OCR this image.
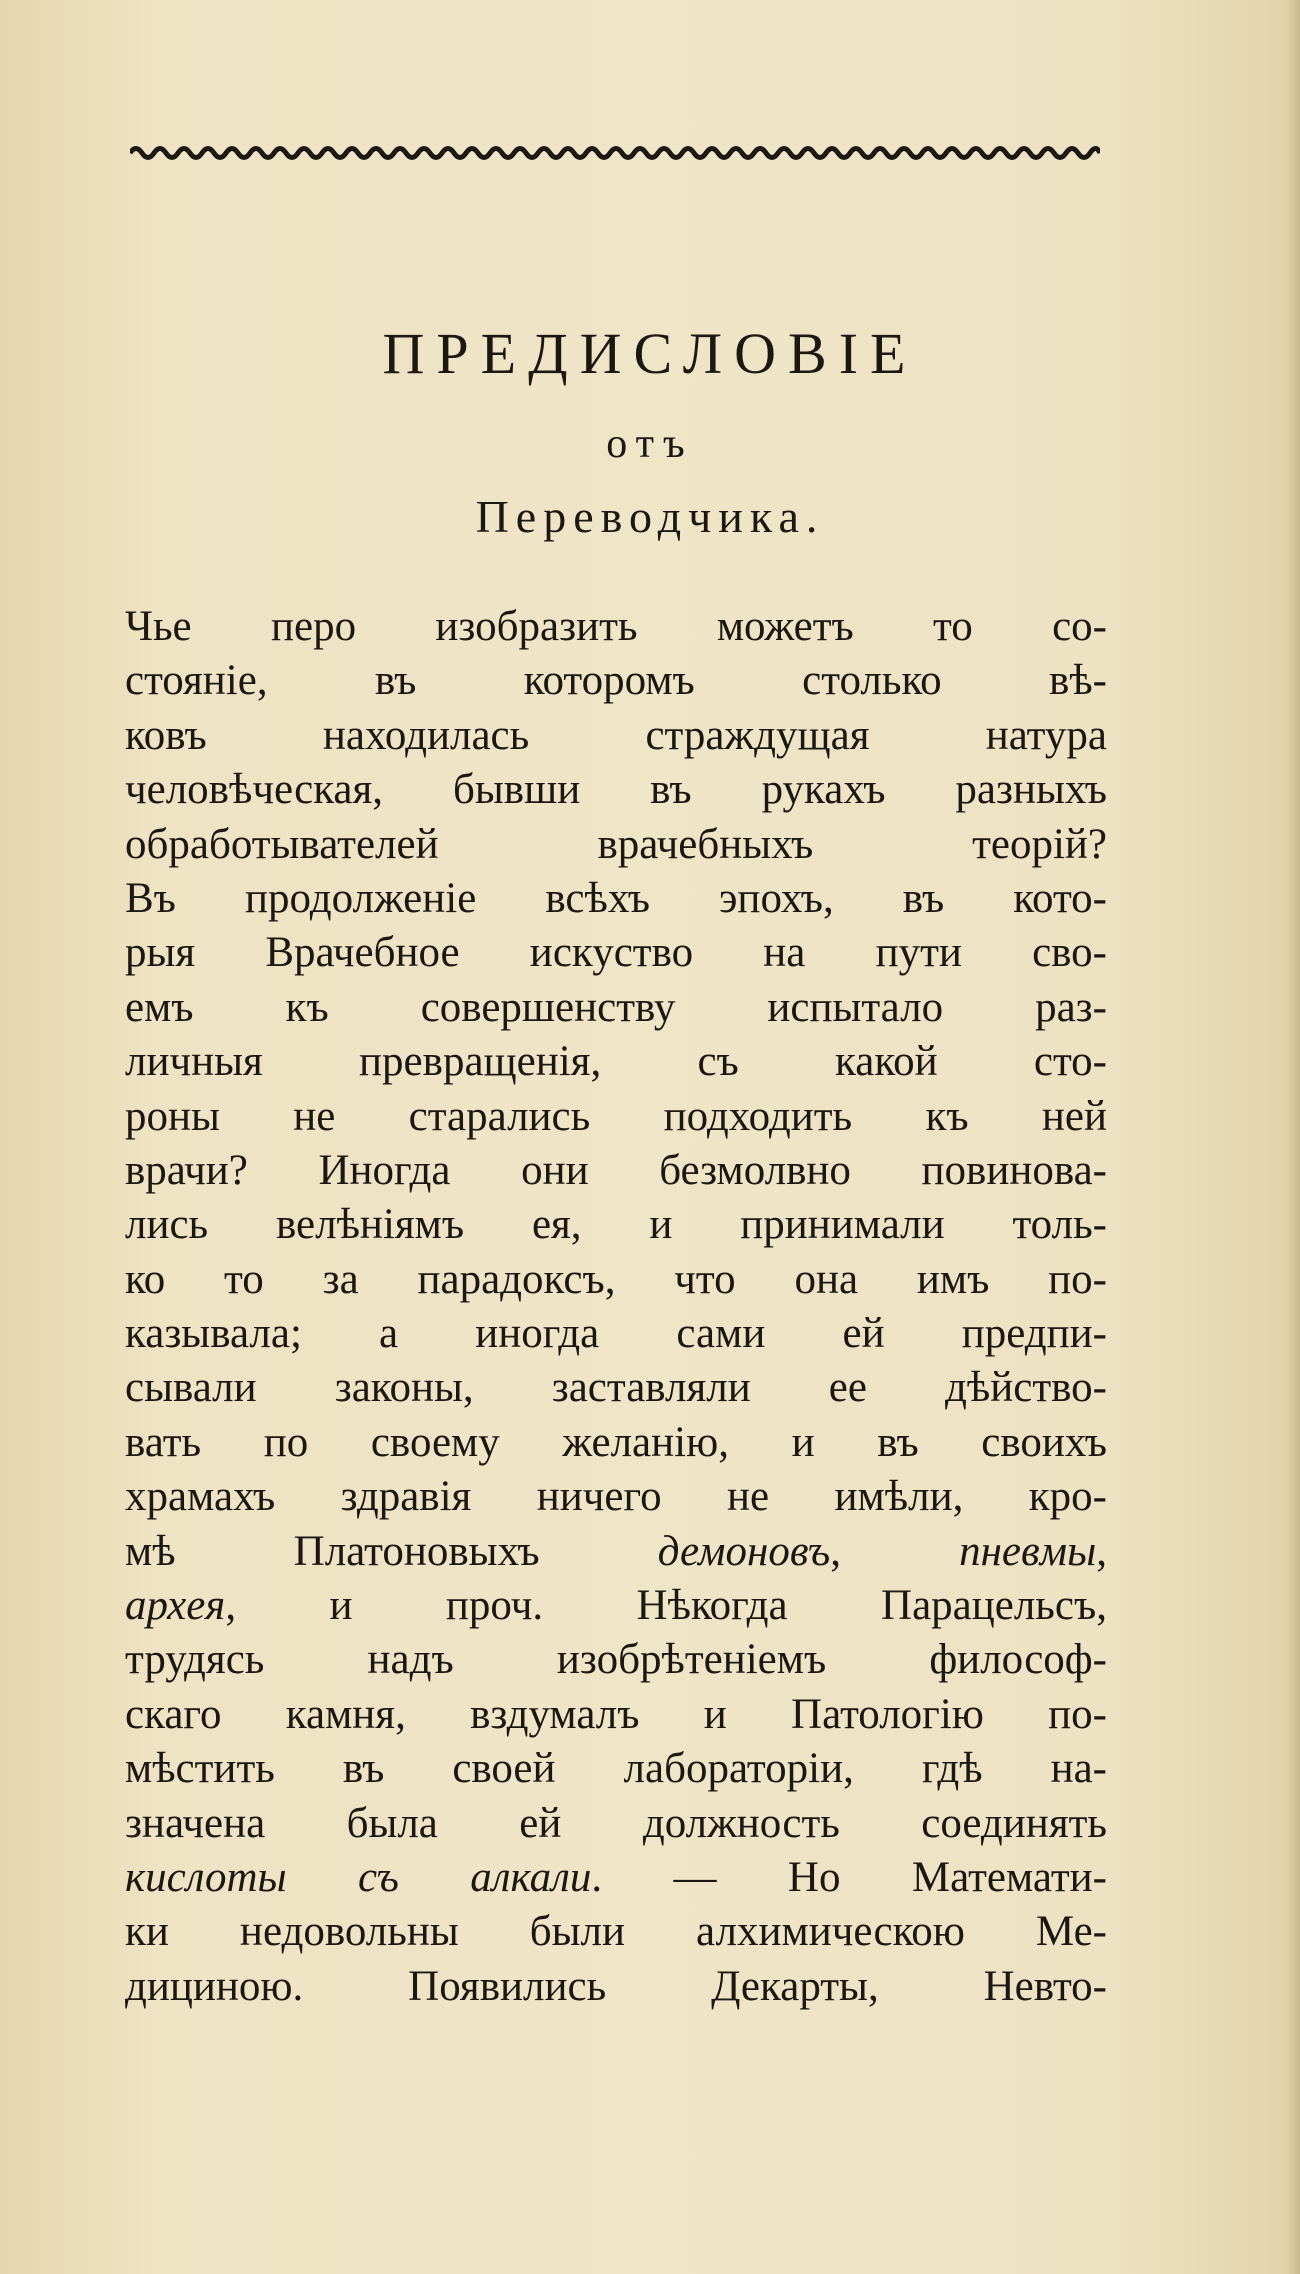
ПРЕДИСЛОВІЕ
отъ
Переводчика.
Чье перо изобразить можетъ то со-
стояніе, въ которомъ столько вѣ-
ковъ находилась страждущая натура
человѣческая, бывши въ рукахъ разныхъ
обработывателей врачебныхъ теорій?
Въ продолженіе всѣхъ эпохъ, въ кото-
рыя Врачебное искуство на пути сво-
емъ къ совершенству испытало раз-
личныя превращенія, съ какой сто-
роны не старались подходить къ ней
врачи? Иногда они безмолвно повинова-
лись велѣніямъ ея, и принимали толь-
ко то за парадоксъ, что она имъ по-
казывала; а иногда сами ей предпи-
сывали законы, заставляли ее дѣйство-
вать по своему желанію, и въ своихъ
храмахъ здравія ничего не имѣли, кро-
мѣ Платоновыхъ демоновъ, пневмы,
архея, и проч. Нѣкогда Парацельсъ,
трудясь надъ изобрѣтеніемъ философ-
скаго камня, вздумалъ и Патологію по-
мѣстить въ своей лабораторіи, гдѣ на-
значена была ей должность соединять
кислоты съ алкали. — Но Математи-
ки недовольны были алхимическою Ме-
дициною. Появились Декарты, Невто-
